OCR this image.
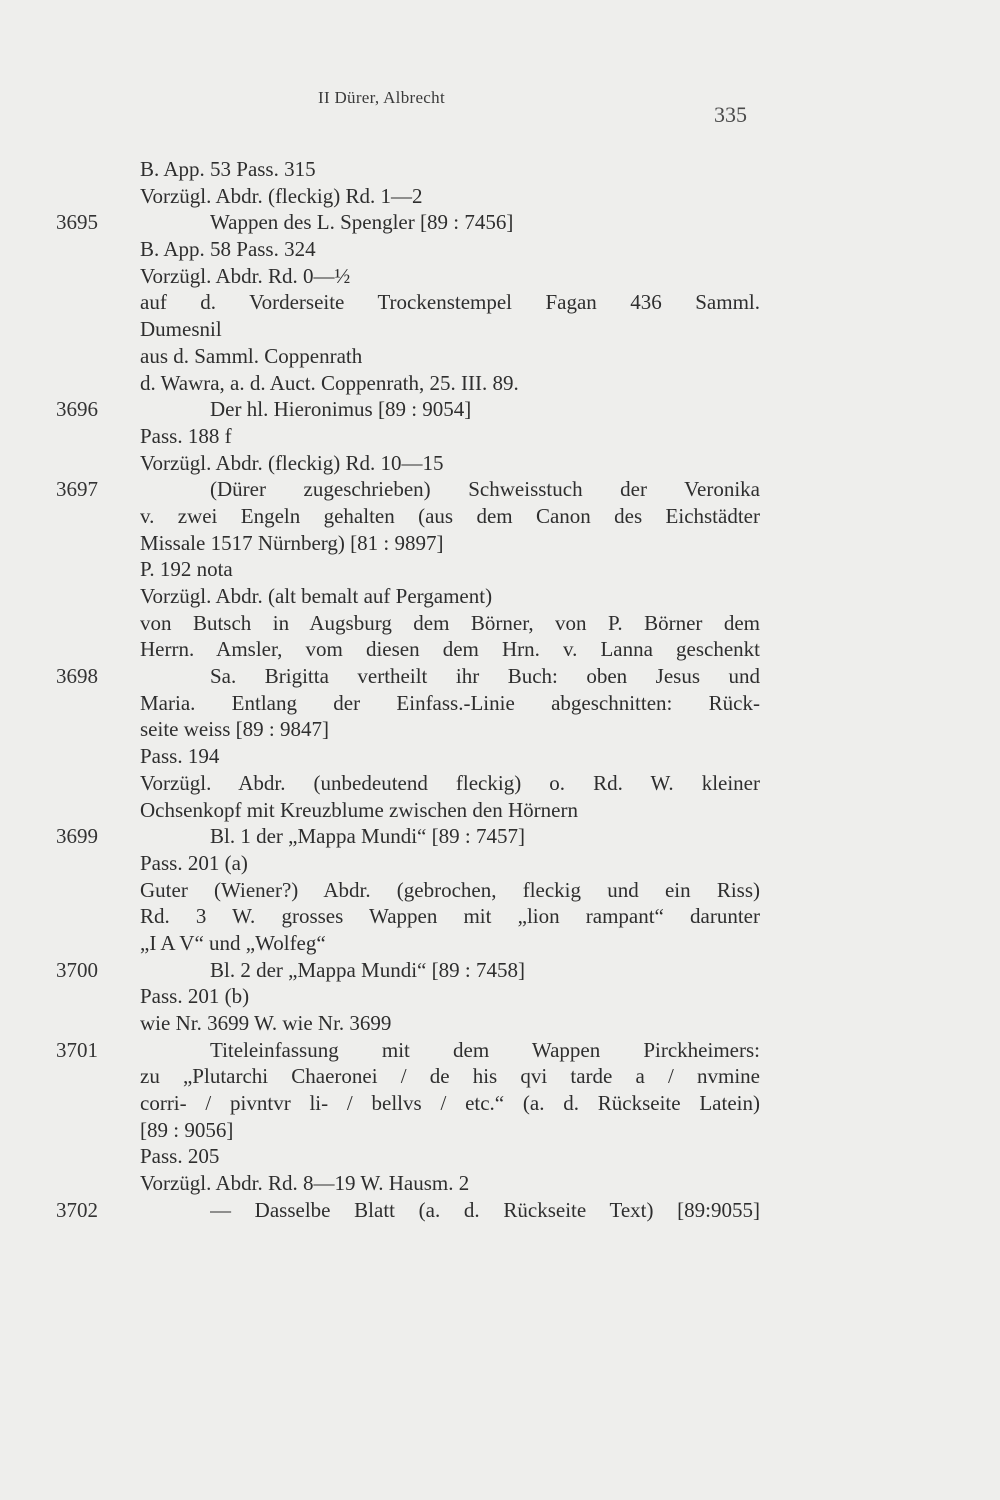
II Dürer, Albrecht
335
B. App. 53 Pass. 315
Vorzügl. Abdr. (fleckig) Rd. 1—2
3695	Wappen des L. Spengler [89 : 7456]
B. App. 58 Pass. 324
Vorzügl. Abdr. Rd. 0—½
auf d. Vorderseite Trockenstempel Fagan 436 Samml.
Dumesnil
aus d. Samml. Coppenrath
d. Wawra, a. d. Auct. Coppenrath, 25. III. 89.
3696	Der hl. Hieronimus [89 : 9054]
Pass. 188 f
Vorzügl. Abdr. (fleckig) Rd. 10—15
3697	(Dürer zugeschrieben) Schweisstuch der Veronika
v. zwei Engeln gehalten (aus dem Canon des Eichstädter
Missale 1517 Nürnberg) [81 : 9897]
P. 192 nota
Vorzügl. Abdr. (alt bemalt auf Pergament)
von Butsch in Augsburg dem Börner, von P. Börner dem
Herrn. Amsler, vom diesen dem Hrn. v. Lanna geschenkt
3698	Sa. Brigitta vertheilt ihr Buch: oben Jesus und
Maria. Entlang der Einfass.-Linie abgeschnitten: Rück-
seite weiss [89 : 9847]
Pass. 194
Vorzügl. Abdr. (unbedeutend fleckig) o. Rd. W. kleiner
Ochsenkopf mit Kreuzblume zwischen den Hörnern
3699	Bl. 1 der „Mappa Mundi“ [89 : 7457]
Pass. 201 (a)
Guter (Wiener?) Abdr. (gebrochen, fleckig und ein Riss)
Rd. 3 W. grosses Wappen mit „lion rampant“ darunter
„I A V“ und „Wolfeg“
3700	Bl. 2 der „Mappa Mundi“ [89 : 7458]
Pass. 201 (b)
wie Nr. 3699 W. wie Nr. 3699
3701	Titeleinfassung mit dem Wappen Pirckheimers:
zu „Plutarchi Chaeronei / de his qvi tarde a / nvmine
corri- / pivntvr li- / bellvs / etc.“ (a. d. Rückseite Latein)
[89 : 9056]
Pass. 205
Vorzügl. Abdr. Rd. 8—19 W. Hausm. 2
3702	— Dasselbe Blatt (a. d. Rückseite Text) [89:9055]
